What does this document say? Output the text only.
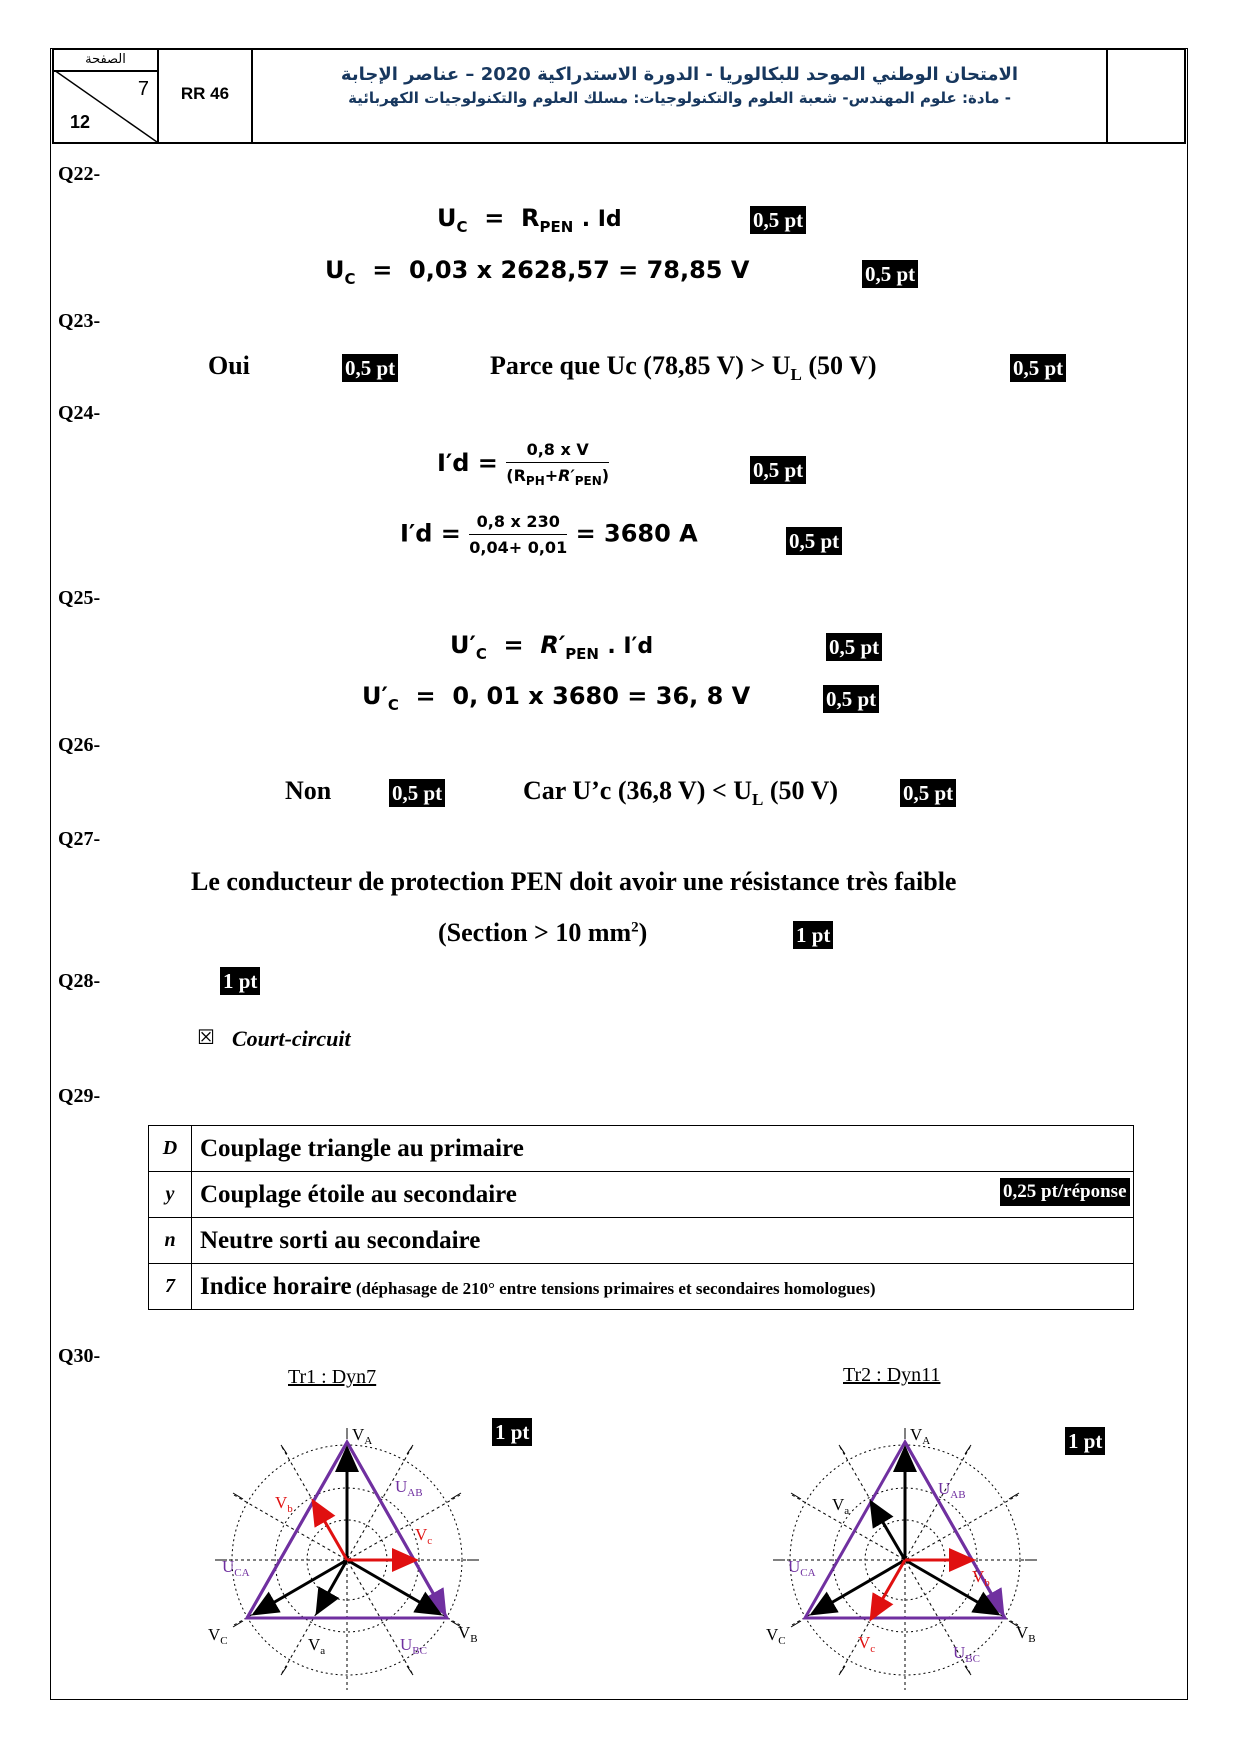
الصفحة
7
12
RR 46
الامتحان الوطني الموحد للبكالوريا - الدورة الاستدراكية 2020 – عناصر الإجابة
- مادة: علوم المهندس- شعبة العلوم والتكنولوجيات: مسلك العلوم والتكنولوجيات الكهربائية
Q22-
$U_C = R_{PEN}$ . Id	0,5 pt
$U_C = 0,03$ x 2628,57 = 78,85 V	0,5 pt
Q23-
Oui	0,5 pt	Parce que Uc (78,85 $V) > U_L$ (50 V)	0,5 pt
Q24-
$I'd = \frac{\text{0,8 x V}}{(R_{PH}+R'_{PEN})}$	0,5 pt
$I'd = \frac{0,8 x 230}{0,04+ 0,01} = 3680$ A	0,5 pt
Q25-
$U'_C = R'_{PEN}$ . I′d	0,5 pt
$U'_C = 0$, 01 x 3680 = 36, 8 V	0,5 pt
Q26-
Non	0,5 pt	Car U’c (36,8 $V) < U_L$ (50 V)	0,5 pt
Q27-
Le conducteur de protection PEN doit avoir une résistance très faible
(Section > 10 $mm^2$)	1 pt
Q28-	1 pt
☒ Court-circuit
Q29-
D	Couplage triangle au primaire
y	Couplage étoile au secondaire
n	Neutre sorti au secondaire
7	Indice horaire (déphasage de 210° entre tensions primaires et secondaires homologues)
0,25 pt/réponse
Q30-
Tr1 : Dyn7
1 pt
Tr2 : Dyn11
1 pt
$V_A$
$V_B$
$V_C$	$V_a$
$V_b$
$V_c$
$U_{AB}$
$U_{BC}$
$U_{CA}$
$V_A$
$V_B$
$V_C$
$V_a$
$V_b$
$V_c$
$U_{AB}$
$U_{BC}$
$U_{CA}$
